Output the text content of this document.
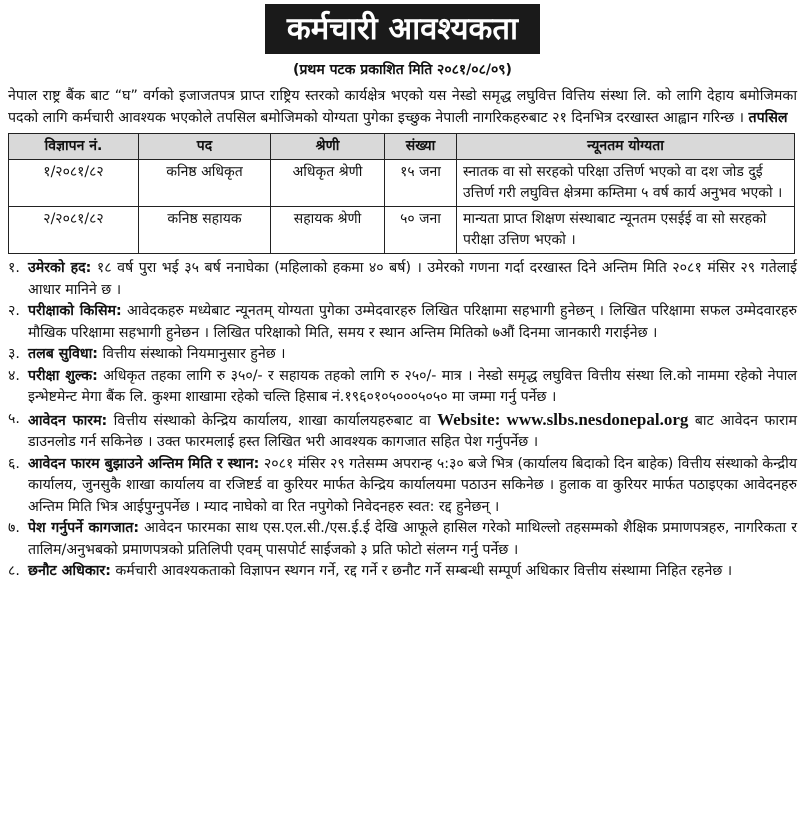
कर्मचारी आवश्यकता
(प्रथम पटक प्रकाशित मिति २०८१/०८/०९)
नेपाल राष्ट्र बैंक बाट “घ” वर्गको इजाजतपत्र प्राप्त राष्ट्रिय स्तरको कार्यक्षेत्र भएको यस नेस्डो समृद्ध लघुवित्त वित्तिय संस्था लि. को लागि देहाय बमोजिमका पदको लागि कर्मचारी आवश्यक भएकोले तपसिल बमोजिमको योग्यता पुगेका इच्छुक नेपाली नागरिकहरुबाट २१ दिनभित्र दरखास्त आह्वान गरिन्छ । तपसिल
विज्ञापन नं.	पद	श्रेणी	संख्या	न्यूनतम योग्यता
१/२०८१/८२	कनिष्ठ अधिकृत	अधिकृत श्रेणी	१५ जना	स्नातक वा सो सरहको परिक्षा उत्तिर्ण भएको वा दश जोड दुई उत्तिर्ण गरी लघुवित्त क्षेत्रमा कम्तिमा ५ वर्ष कार्य अनुभव भएको ।
२/२०८१/८२	कनिष्ठ सहायक	सहायक श्रेणी	५० जना	मान्यता प्राप्त शिक्षण संस्थाबाट न्यूनतम एसईई वा सो सरहको परीक्षा उत्तिण भएको ।
१. उमेरको हद: १८ वर्ष पुरा भई ३५ बर्ष ननाघेका (महिलाको हकमा ४० बर्ष) । उमेरको गणना गर्दा दरखास्त दिने अन्तिम मिति २०८१ मंसिर २९ गतेलाई आधार मानिने छ ।
२. परीक्षाको किसिम: आवेदकहरु मध्येबाट न्यूनतम् योग्यता पुगेका उम्मेदवारहरु लिखित परिक्षामा सहभागी हुनेछन् । लिखित परिक्षामा सफल उम्मेदवारहरु मौखिक परिक्षामा सहभागी हुनेछन । लिखित परिक्षाको मिति, समय र स्थान अन्तिम मितिको ७औं दिनमा जानकारी गराईनेछ ।
३. तलब सुविधा: वित्तीय संस्थाको नियमानुसार हुनेछ ।
४. परीक्षा शुल्क: अधिकृत तहका लागि रु ३५०/- र सहायक तहको लागि रु २५०/- मात्र । नेस्डो समृद्ध लघुवित्त वित्तीय संस्था लि.को नाममा रहेको नेपाल इन्भेष्टमेन्ट मेगा बैंक लि. कुश्मा शाखामा रहेको चल्ति हिसाब नं.१९६०१०५०००५०५० मा जम्मा गर्नु पर्नेछ ।
५. आवेदन फारम: वित्तीय संस्थाको केन्द्रिय कार्यालय, शाखा कार्यालयहरुबाट वा Website: www.slbs.nesdonepal.org बाट आवेदन फाराम डाउनलोड गर्न सकिनेछ । उक्त फारमलाई हस्त लिखित भरी आवश्यक कागजात सहित पेश गर्नुपर्नेछ ।
६. आवेदन फारम बुझाउने अन्तिम मिति र स्थान: २०८१ मंसिर २९ गतेसम्म अपरान्ह ५:३० बजे भित्र (कार्यालय बिदाको दिन बाहेक) वित्तीय संस्थाको केन्द्रीय कार्यालय, जुनसुकै शाखा कार्यालय वा रजिष्टर्ड वा कुरियर मार्फत केन्द्रिय कार्यालयमा पठाउन सकिनेछ । हुलाक वा कुरियर मार्फत पठाइएका आवेदनहरु अन्तिम मिति भित्र आईपुग्नुपर्नेछ । म्याद नाघेको वा रित नपुगेको निवेदनहरु स्वत: रद्द हुनेछन् ।
७. पेश गर्नुपर्ने कागजात: आवेदन फारमका साथ एस.एल.सी./एस.ई.ई देखि आफूले हासिल गरेको माथिल्लो तहसम्मको शैक्षिक प्रमाणपत्रहरु, नागरिकता र तालिम/अनुभबको प्रमाणपत्रको प्रतिलिपी एवम् पासपोर्ट साईजको ३ प्रति फोटो संलग्न गर्नु पर्नेछ ।
८. छनौट अधिकार: कर्मचारी आवश्यकताको विज्ञापन स्थगन गर्ने, रद्द गर्ने र छनौट गर्ने सम्बन्धी सम्पूर्ण अधिकार वित्तीय संस्थामा निहित रहनेछ ।
